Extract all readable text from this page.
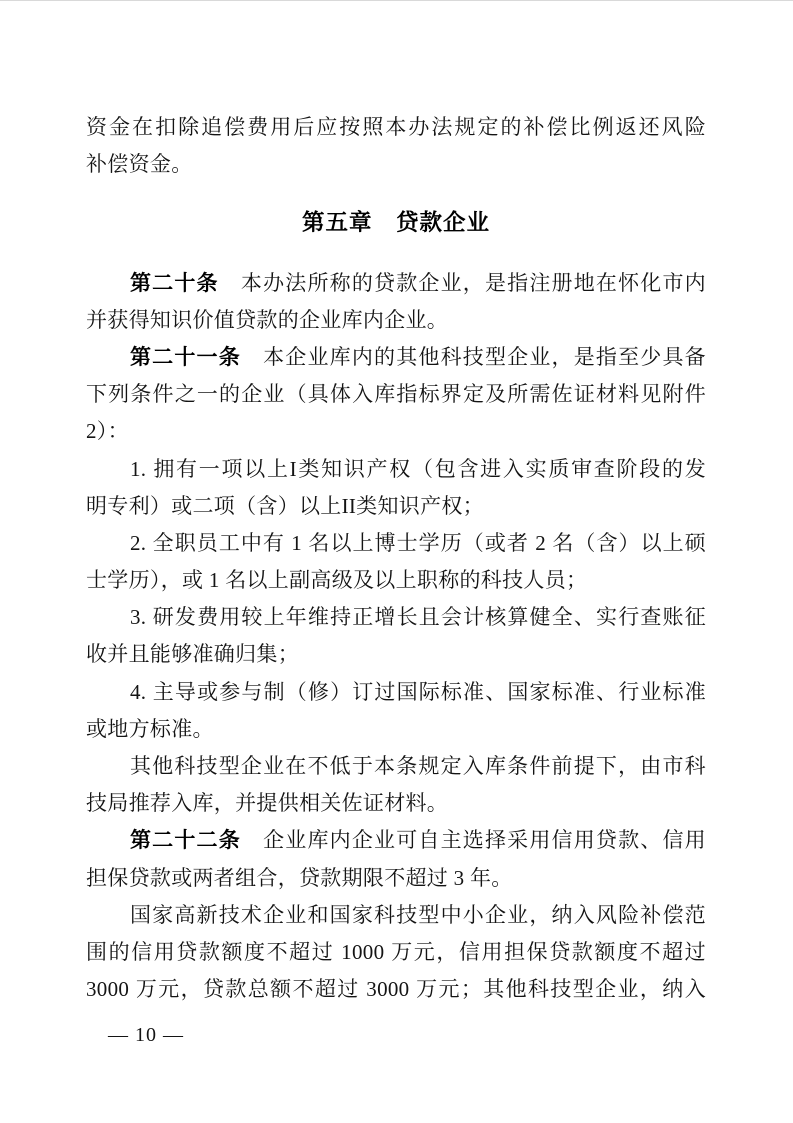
资金在扣除追偿费用后应按照本办法规定的补偿比例返还风险
补偿资金。
第五章　贷款企业
第二十条　本办法所称的贷款企业，是指注册地在怀化市内
并获得知识价值贷款的企业库内企业。
第二十一条　本企业库内的其他科技型企业，是指至少具备
下列条件之一的企业（具体入库指标界定及所需佐证材料见附件
2）：
1. 拥有一项以上I类知识产权（包含进入实质审查阶段的发
明专利）或二项（含）以上II类知识产权；
2. 全职员工中有 1 名以上博士学历（或者 2 名（含）以上硕
士学历），或 1 名以上副高级及以上职称的科技人员；
3. 研发费用较上年维持正增长且会计核算健全、实行查账征
收并且能够准确归集；
4. 主导或参与制（修）订过国际标准、国家标准、行业标准
或地方标准。
其他科技型企业在不低于本条规定入库条件前提下，由市科
技局推荐入库，并提供相关佐证材料。
第二十二条　企业库内企业可自主选择采用信用贷款、信用
担保贷款或两者组合，贷款期限不超过 3 年。
国家高新技术企业和国家科技型中小企业，纳入风险补偿范
围的信用贷款额度不超过 1000 万元，信用担保贷款额度不超过
3000 万元，贷款总额不超过 3000 万元；其他科技型企业，纳入
— 10 —
